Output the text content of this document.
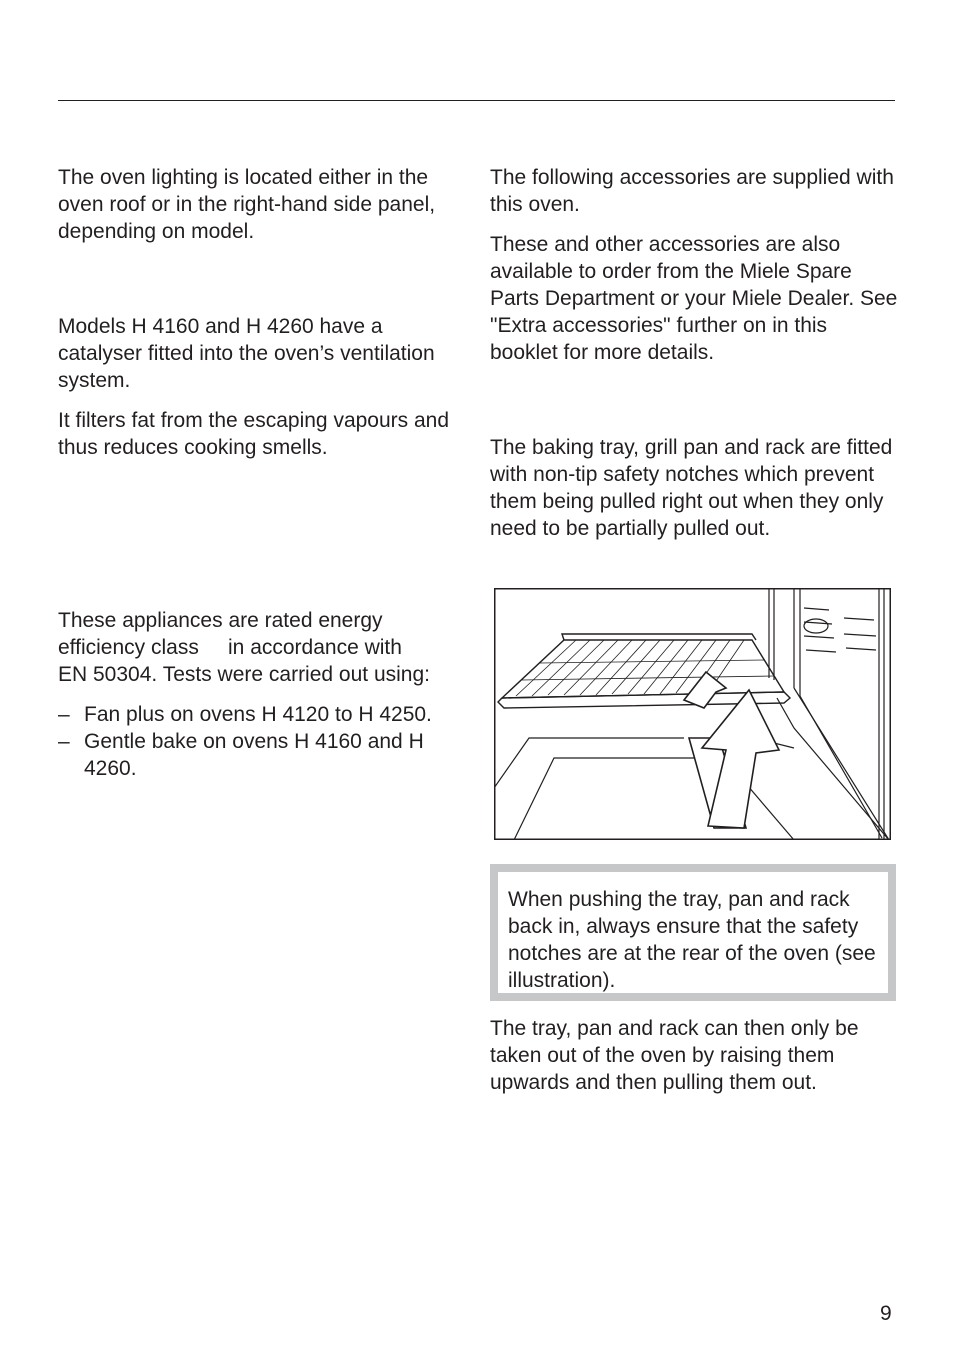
The oven lighting is located either in the oven roof or in the right-hand side panel, depending on model.

Models H 4160 and H 4260 have a catalyser fitted into the oven’s ventilation system.

It filters fat from the escaping vapours and thus reduces cooking smells.

These appliances are rated energy
efficiency class     in accordance with
EN 50304. Tests were carried out using:

– Fan plus on ovens H 4120 to H 4250.
– Gentle bake on ovens H 4160 and H 4260.

The following accessories are supplied with this oven.

These and other accessories are also available to order from the Miele Spare Parts Department or your Miele Dealer. See "Extra accessories" further on in this booklet for more details.

The baking tray, grill pan and rack are fitted with non-tip safety notches which prevent them being pulled right out when they only need to be partially pulled out.

When pushing the tray, pan and rack back in, always ensure that the safety notches are at the rear of the oven (see illustration).

The tray, pan and rack can then only be taken out of the oven by raising them upwards and then pulling them out.

9
